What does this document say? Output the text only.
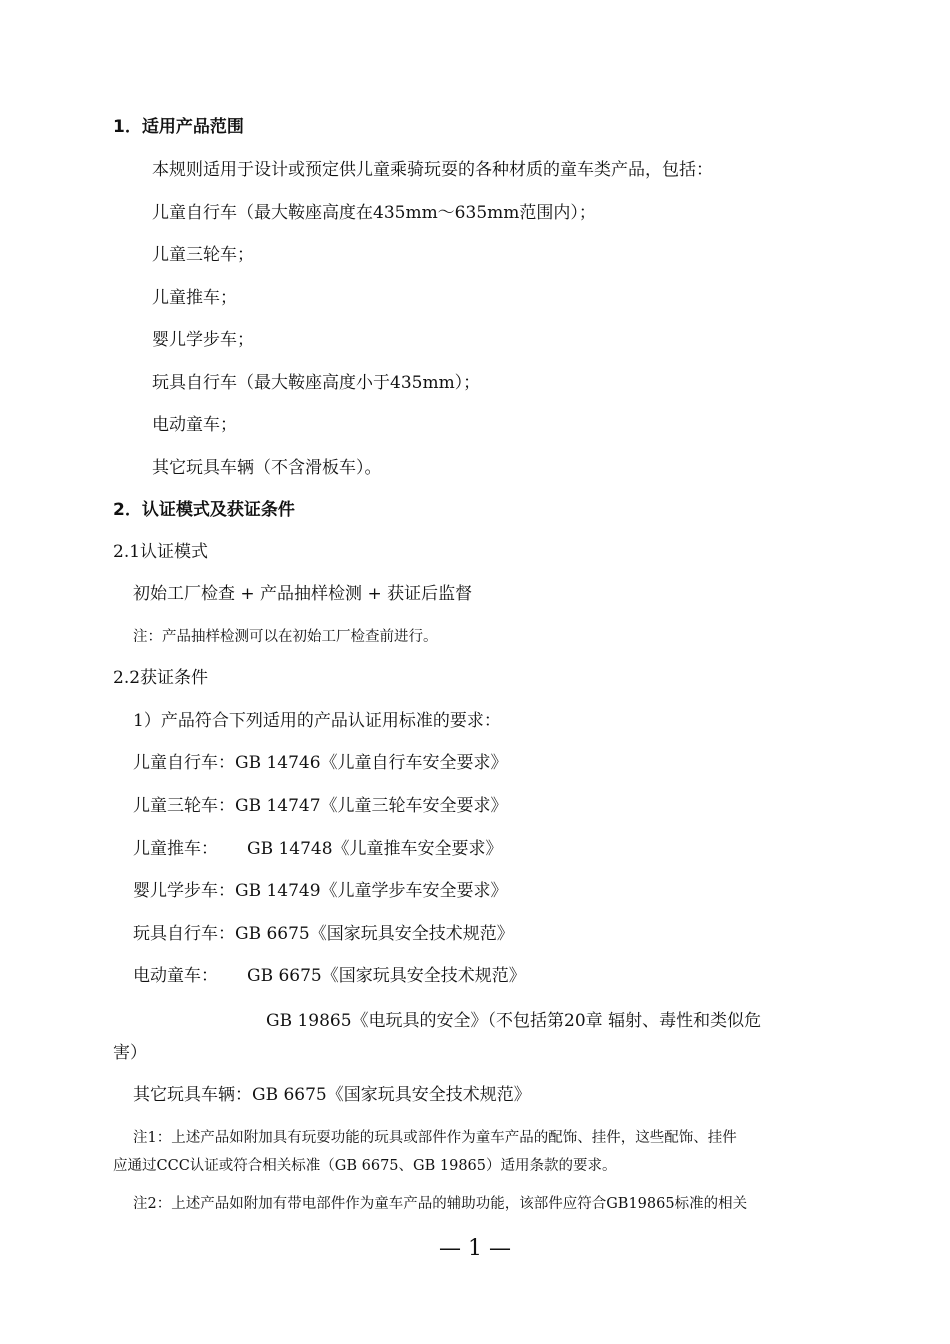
1．适用产品范围
本规则适用于设计或预定供儿童乘骑玩耍的各种材质的童车类产品，包括：
儿童自行车（最大鞍座高度在435mm～635mm范围内）；
儿童三轮车；
儿童推车；
婴儿学步车；
玩具自行车（最大鞍座高度小于435mm）；
电动童车；
其它玩具车辆（不含滑板车）。
2．认证模式及获证条件
2.1认证模式
初始工厂检查 + 产品抽样检测 + 获证后监督
注：产品抽样检测可以在初始工厂检查前进行。
2.2获证条件
1）产品符合下列适用的产品认证用标准的要求：
儿童自行车：GB 14746《儿童自行车安全要求》
儿童三轮车：GB 14747《儿童三轮车安全要求》
儿童推车： GB 14748《儿童推车安全要求》
婴儿学步车：GB 14749《儿童学步车安全要求》
玩具自行车：GB 6675《国家玩具安全技术规范》
电动童车： GB 6675《国家玩具安全技术规范》
GB 19865《电玩具的安全》（不包括第20章 辐射、毒性和类似危
害）
其它玩具车辆：GB 6675《国家玩具安全技术规范》
注1：上述产品如附加具有玩耍功能的玩具或部件作为童车产品的配饰、挂件，这些配饰、挂件
应通过CCC认证或符合相关标准（GB 6675、GB 19865）适用条款的要求。
注2：上述产品如附加有带电部件作为童车产品的辅助功能，该部件应符合GB19865标准的相关
— 1 —
